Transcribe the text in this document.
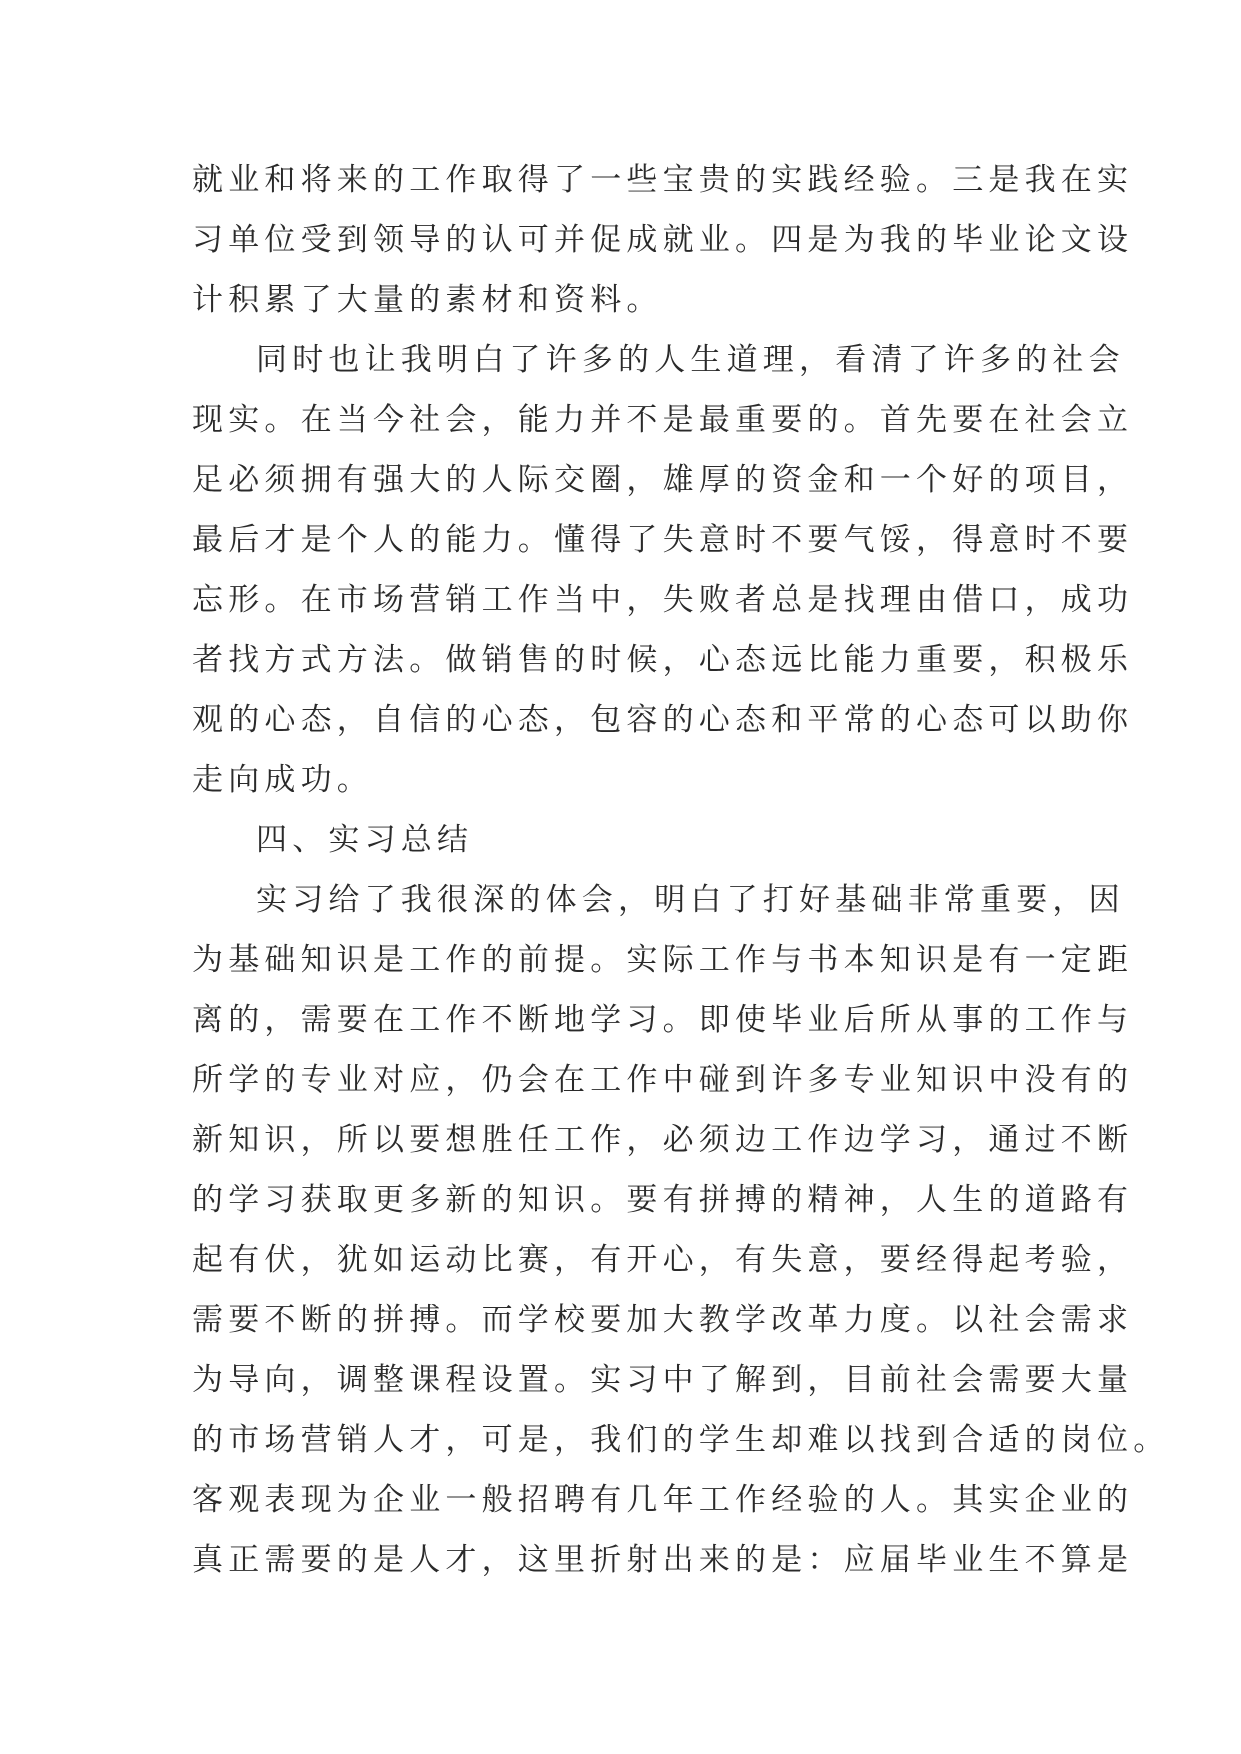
就业和将来的工作取得了一些宝贵的实践经验。三是我在实
习单位受到领导的认可并促成就业。四是为我的毕业论文设
计积累了大量的素材和资料。
同时也让我明白了许多的人生道理，看清了许多的社会
现实。在当今社会，能力并不是最重要的。首先要在社会立
足必须拥有强大的人际交圈，雄厚的资金和一个好的项目，
最后才是个人的能力。懂得了失意时不要气馁，得意时不要
忘形。在市场营销工作当中，失败者总是找理由借口，成功
者找方式方法。做销售的时候，心态远比能力重要，积极乐
观的心态，自信的心态，包容的心态和平常的心态可以助你
走向成功。
四、实习总结
实习给了我很深的体会，明白了打好基础非常重要，因
为基础知识是工作的前提。实际工作与书本知识是有一定距
离的，需要在工作不断地学习。即使毕业后所从事的工作与
所学的专业对应，仍会在工作中碰到许多专业知识中没有的
新知识，所以要想胜任工作，必须边工作边学习，通过不断
的学习获取更多新的知识。要有拼搏的精神，人生的道路有
起有伏，犹如运动比赛，有开心，有失意，要经得起考验，
需要不断的拼搏。而学校要加大教学改革力度。以社会需求
为导向，调整课程设置。实习中了解到，目前社会需要大量
的市场营销人才，可是，我们的学生却难以找到合适的岗位。
客观表现为企业一般招聘有几年工作经验的人。其实企业的
真正需要的是人才，这里折射出来的是：应届毕业生不算是
